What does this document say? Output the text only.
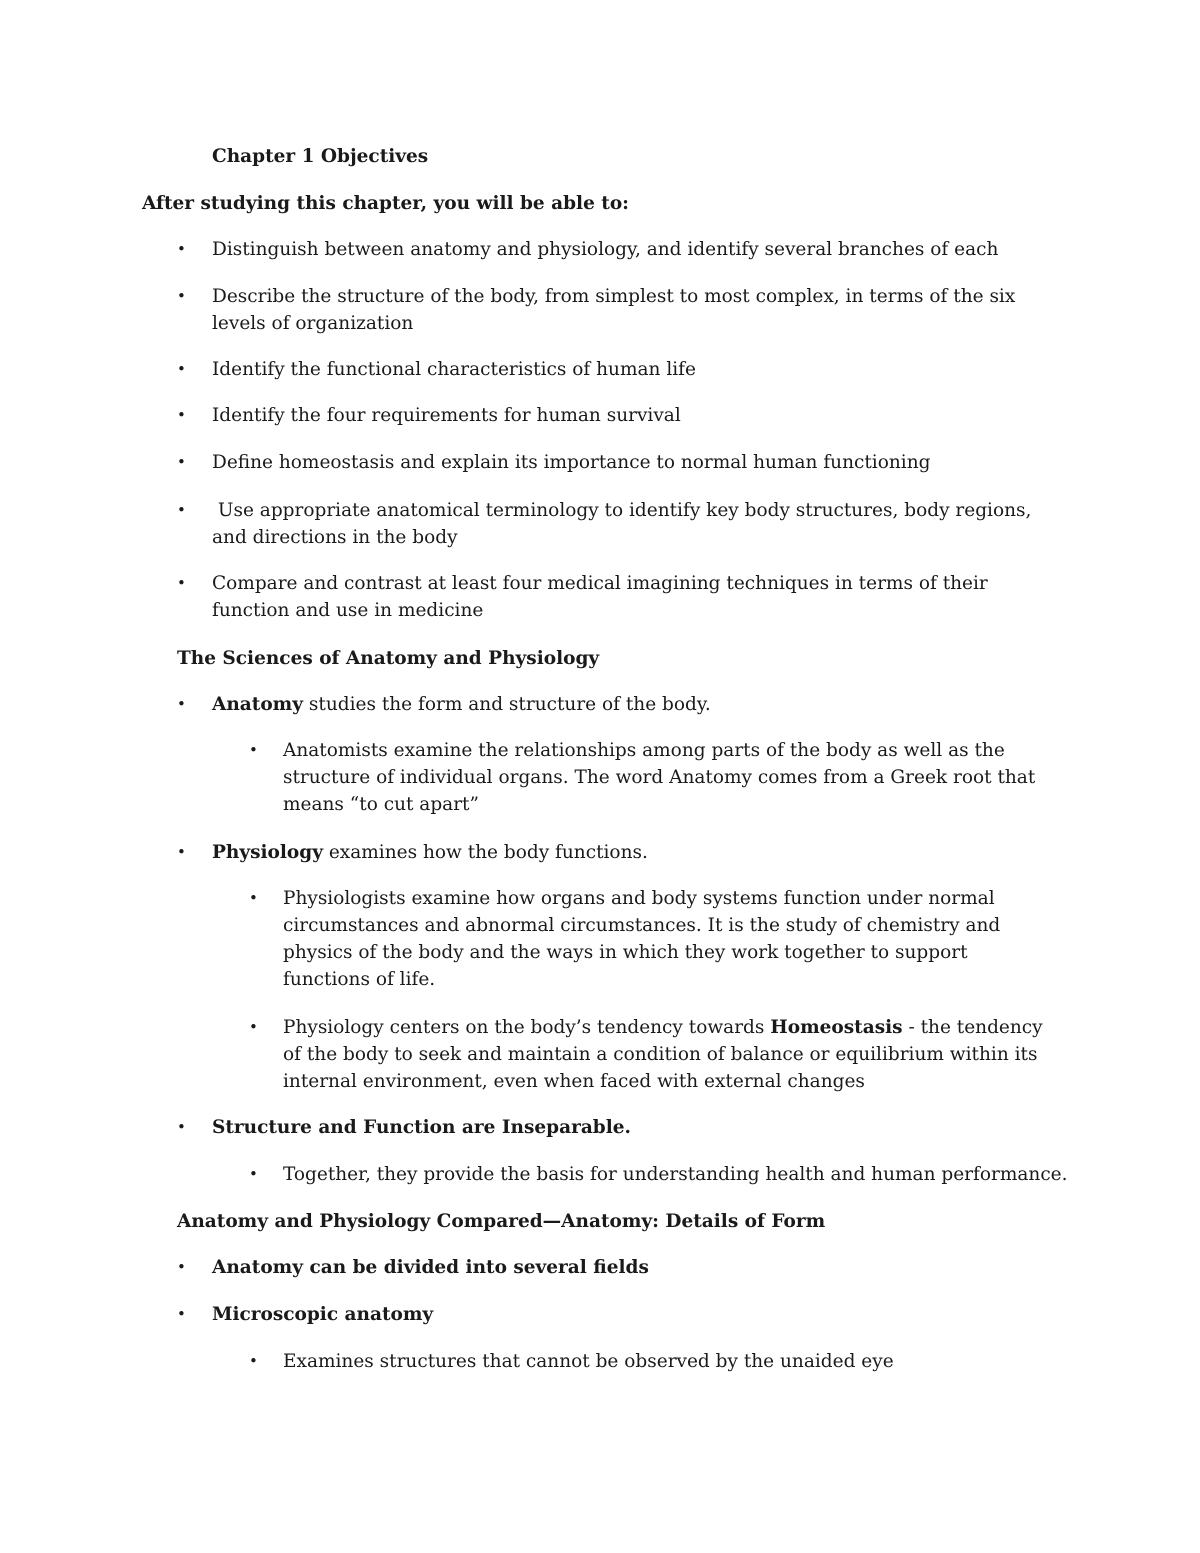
Chapter 1 Objectives
After studying this chapter, you will be able to:
• Distinguish between anatomy and physiology, and identify several branches of each
• Describe the structure of the body, from simplest to most complex, in terms of the six
levels of organization
• Identify the functional characteristics of human life
• Identify the four requirements for human survival
• Define homeostasis and explain its importance to normal human functioning
• Use appropriate anatomical terminology to identify key body structures, body regions,
and directions in the body
• Compare and contrast at least four medical imagining techniques in terms of their
function and use in medicine
The Sciences of Anatomy and Physiology
• Anatomy studies the form and structure of the body.
• Anatomists examine the relationships among parts of the body as well as the
structure of individual organs. The word Anatomy comes from a Greek root that
means “to cut apart”
• Physiology examines how the body functions.
• Physiologists examine how organs and body systems function under normal
circumstances and abnormal circumstances. It is the study of chemistry and
physics of the body and the ways in which they work together to support
functions of life.
• Physiology centers on the body’s tendency towards Homeostasis - the tendency
of the body to seek and maintain a condition of balance or equilibrium within its
internal environment, even when faced with external changes
• Structure and Function are Inseparable.
• Together, they provide the basis for understanding health and human performance.
Anatomy and Physiology Compared—Anatomy: Details of Form
• Anatomy can be divided into several fields
• Microscopic anatomy
• Examines structures that cannot be observed by the unaided eye
